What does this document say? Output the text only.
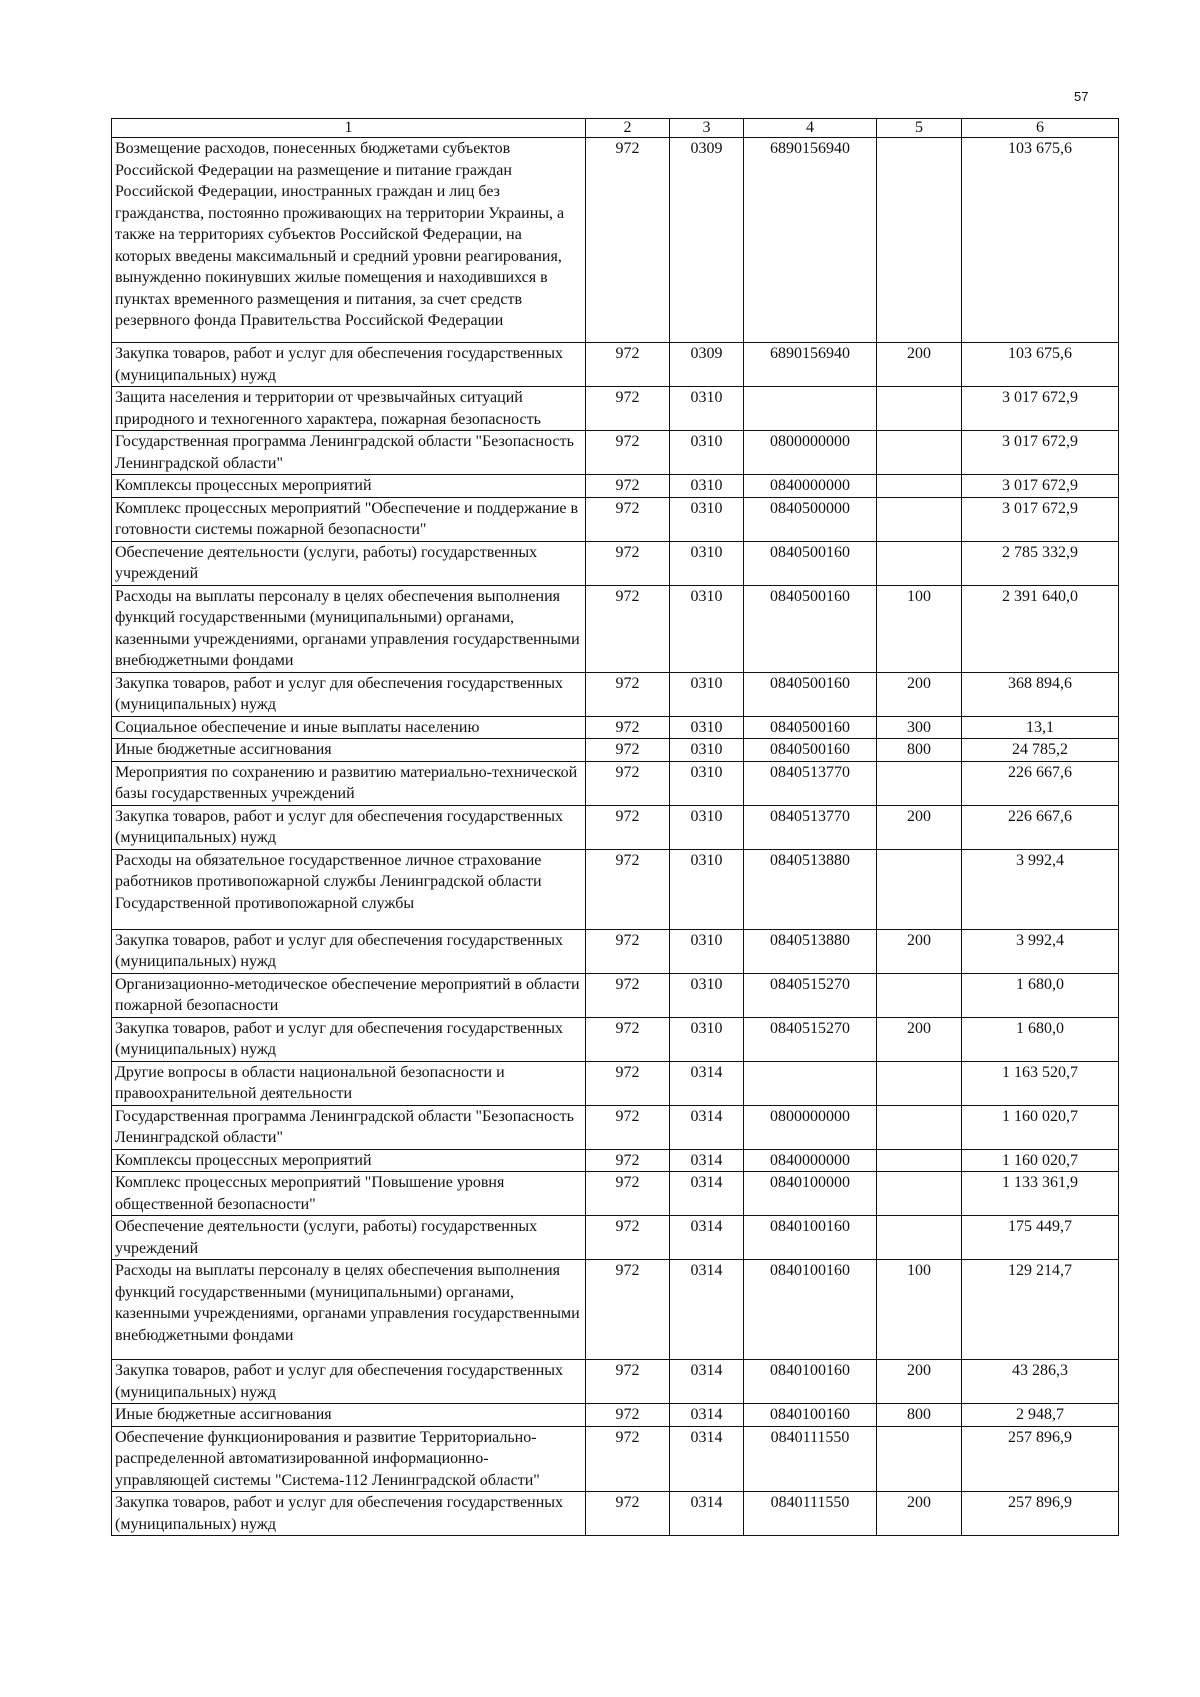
57
1	2	3	4	5	6
Возмещение расходов, понесенных бюджетами субъектов Российской Федерации на размещение и питание граждан Российской Федерации, иностранных граждан и лиц без гражданства, постоянно проживающих на территории Украины, а также на территориях субъектов Российской Федерации, на которых введены максимальный и средний уровни реагирования, вынужденно покинувших жилые помещения и находившихся в пунктах временного размещения и питания, за счет средств резервного фонда Правительства Российской Федерации	972	0309	6890156940		103 675,6
Закупка товаров, работ и услуг для обеспечения государственных (муниципальных) нужд	972	0309	6890156940	200	103 675,6
Защита населения и территории от чрезвычайных ситуаций природного и техногенного характера, пожарная безопасность	972	0310			3 017 672,9
Государственная программа Ленинградской области "Безопасность Ленинградской области"	972	0310	0800000000		3 017 672,9
Комплексы процессных мероприятий	972	0310	0840000000		3 017 672,9
Комплекс процессных мероприятий "Обеспечение и поддержание в готовности системы пожарной безопасности"	972	0310	0840500000		3 017 672,9
Обеспечение деятельности (услуги, работы) государственных учреждений	972	0310	0840500160		2 785 332,9
Расходы на выплаты персоналу в целях обеспечения выполнения функций государственными (муниципальными) органами, казенными учреждениями, органами управления государственными внебюджетными фондами	972	0310	0840500160	100	2 391 640,0
Закупка товаров, работ и услуг для обеспечения государственных (муниципальных) нужд	972	0310	0840500160	200	368 894,6
Социальное обеспечение и иные выплаты населению	972	0310	0840500160	300	13,1
Иные бюджетные ассигнования	972	0310	0840500160	800	24 785,2
Мероприятия по сохранению и развитию материально-технической базы государственных учреждений	972	0310	0840513770		226 667,6
Закупка товаров, работ и услуг для обеспечения государственных (муниципальных) нужд	972	0310	0840513770	200	226 667,6
Расходы на обязательное государственное личное страхование работников противопожарной службы Ленинградской области Государственной противопожарной службы	972	0310	0840513880		3 992,4
Закупка товаров, работ и услуг для обеспечения государственных (муниципальных) нужд	972	0310	0840513880	200	3 992,4
Организационно-методическое обеспечение мероприятий в области пожарной безопасности	972	0310	0840515270		1 680,0
Закупка товаров, работ и услуг для обеспечения государственных (муниципальных) нужд	972	0310	0840515270	200	1 680,0
Другие вопросы в области национальной безопасности и правоохранительной деятельности	972	0314			1 163 520,7
Государственная программа Ленинградской области "Безопасность Ленинградской области"	972	0314	0800000000		1 160 020,7
Комплексы процессных мероприятий	972	0314	0840000000		1 160 020,7
Комплекс процессных мероприятий "Повышение уровня общественной безопасности"	972	0314	0840100000		1 133 361,9
Обеспечение деятельности (услуги, работы) государственных учреждений	972	0314	0840100160		175 449,7
Расходы на выплаты персоналу в целях обеспечения выполнения функций государственными (муниципальными) органами, казенными учреждениями, органами управления государственными внебюджетными фондами	972	0314	0840100160	100	129 214,7
Закупка товаров, работ и услуг для обеспечения государственных (муниципальных) нужд	972	0314	0840100160	200	43 286,3
Иные бюджетные ассигнования	972	0314	0840100160	800	2 948,7
Обеспечение функционирования и развитие Территориально-распределенной автоматизированной информационно-управляющей системы "Система-112 Ленинградской области"	972	0314	0840111550		257 896,9
Закупка товаров, работ и услуг для обеспечения государственных (муниципальных) нужд	972	0314	0840111550	200	257 896,9
